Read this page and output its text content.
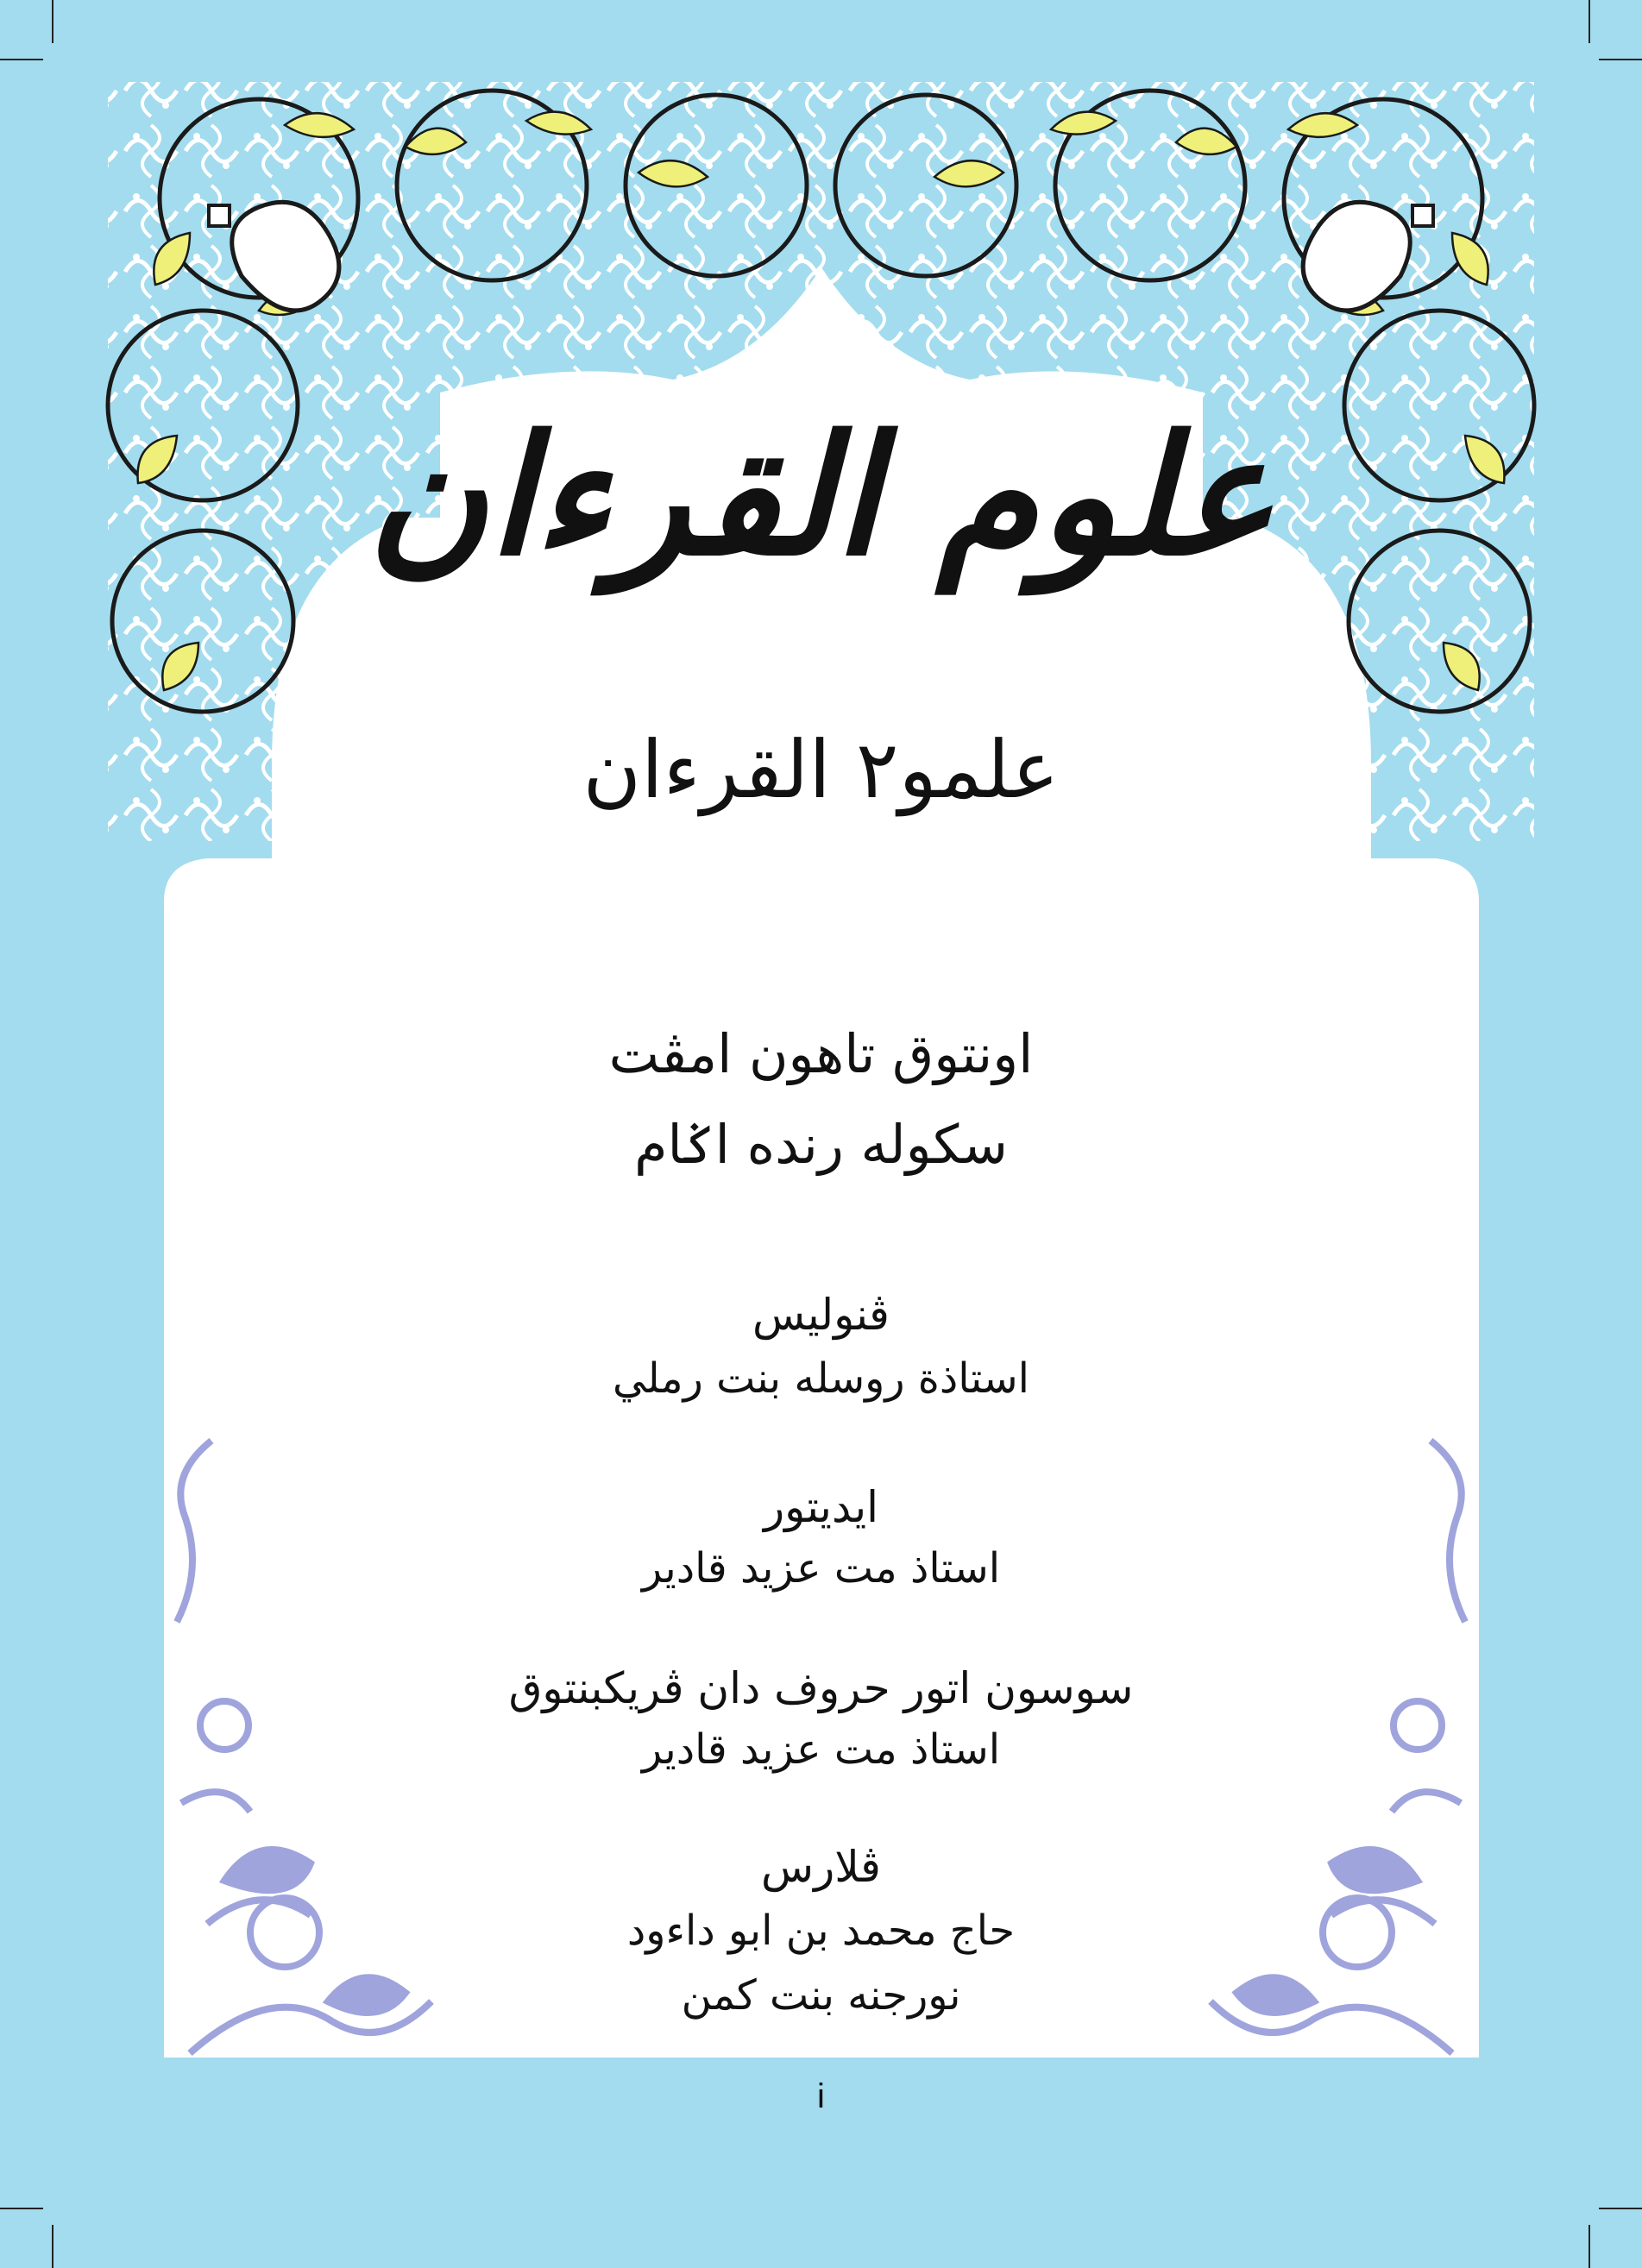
علوم القرءان
علمو٢ القرءان
اونتوق تاهون امڤت
سكوله رنده اݢام
ڤنوليس
استاذة روسله بنت رملي
ايديتور
استاذ مت عزيد قادير
سوسون اتور حروف دان ڤريكبنتوق
استاذ مت عزيد قادير
ڤلارس
حاج محمد بن ابو داءود
نورجنه بنت كمن
i
